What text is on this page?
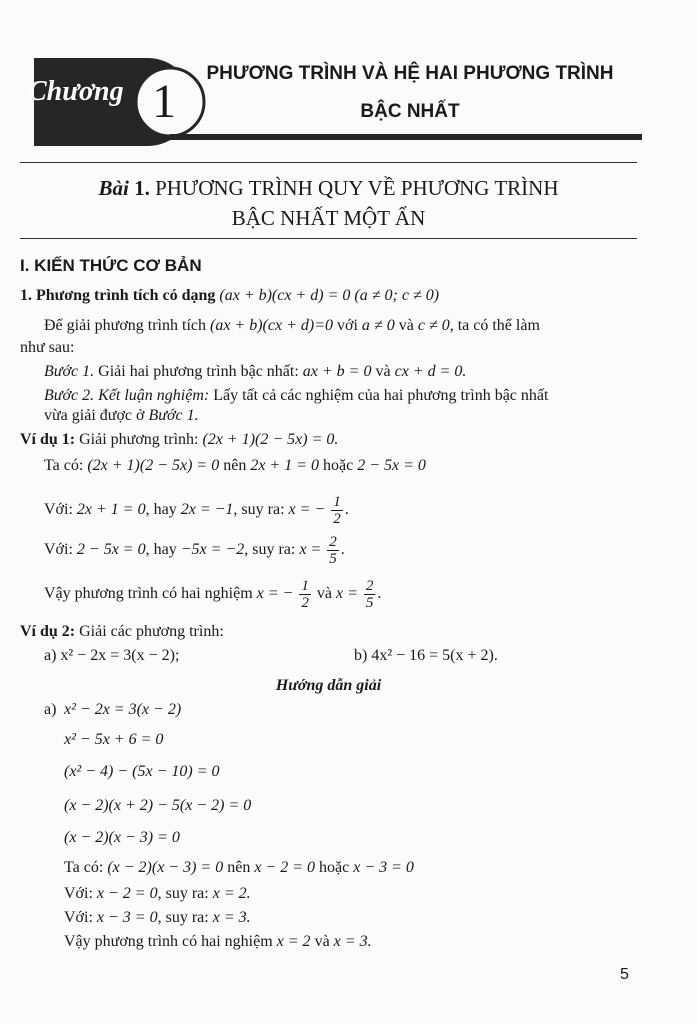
Chương 1
PHƯƠNG TRÌNH VÀ HỆ HAI PHƯƠNG TRÌNH
BẬC NHẤT
Bài 1. PHƯƠNG TRÌNH QUY VỀ PHƯƠNG TRÌNH
BẬC NHẤT MỘT ẨN
I. KIẾN THỨC CƠ BẢN
1. Phương trình tích có dạng (ax + b)(cx + d) = 0 (a ≠ 0; c ≠ 0)
Để giải phương trình tích (ax + b)(cx + d)=0 với a ≠ 0 và c ≠ 0, ta có thể làm
như sau:
Bước 1. Giải hai phương trình bậc nhất: ax + b = 0 và cx + d = 0.
Bước 2. Kết luận nghiệm: Lấy tất cả các nghiệm của hai phương trình bậc nhất
vừa giải được ở Bước 1.
Ví dụ 1: Giải phương trình: (2x + 1)(2 − 5x) = 0.
Ta có: (2x + 1)(2 − 5x) = 0 nên 2x + 1 = 0 hoặc 2 − 5x = 0
Với: 2x + 1 = 0, hay 2x = −1, suy ra: x = − $\frac{1}{2}$ .
Với: 2 − 5x = 0, hay −5x = −2, suy ra: $x = \frac{2}{5}$ .
Vậy phương trình có hai nghiệm x = − $\frac{1}{2}$ và $x = \frac{2}{5}$ .
Ví dụ 2: Giải các phương trình:
a) x² − 2x = 3(x − 2);	b) 4x² − 16 = 5(x + 2).
Hướng dẫn giải
a) x² − 2x = 3(x − 2)
x² − 5x + 6 = 0
(x² − 4) − (5x − 10) = 0
(x − 2)(x + 2) − 5(x − 2) = 0
(x − 2)(x − 3) = 0
Ta có: (x − 2)(x − 3) = 0 nên x − 2 = 0 hoặc x − 3 = 0
Với: x − 2 = 0, suy ra: x = 2.
Với: x − 3 = 0, suy ra: x = 3.
Vậy phương trình có hai nghiệm x = 2 và x = 3.
5
